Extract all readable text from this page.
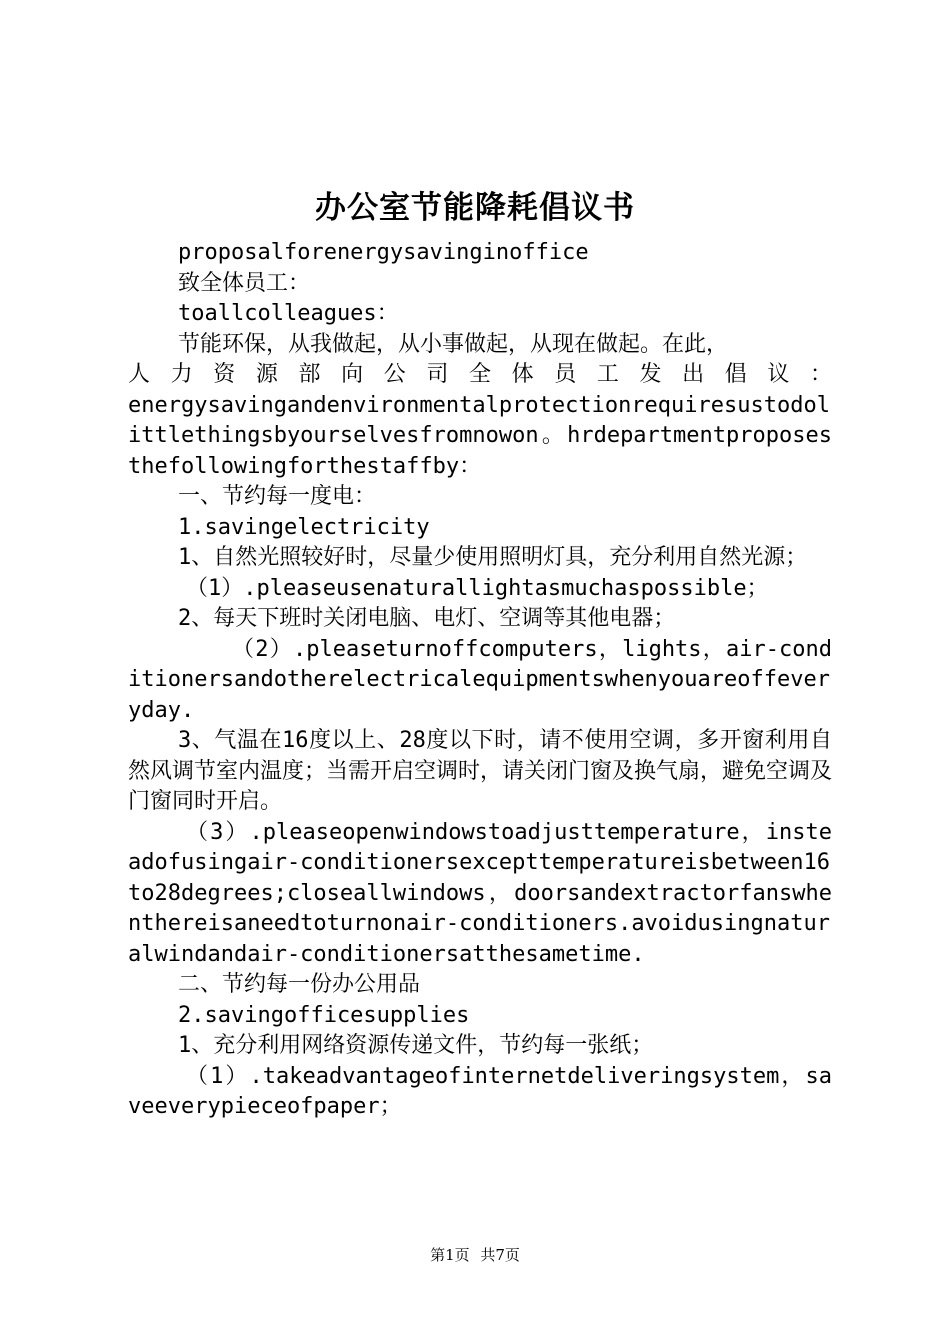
办公室节能降耗倡议书

proposalforenergysavinginoffice

致全体员工：

toallcolleagues：

节能环保，从我做起，从小事做起，从现在做起。在此，

人力资源部向公司全体员工发出倡议：

energysavingandenvironmentalprotectionrequiresustodolittlethingsbyourselvesfromnowon。hrdepartmentproposesthefollowingforthestaffby：

一、节约每一度电：

1.savingelectricity

1、自然光照较好时，尽量少使用照明灯具，充分利用自然光源；

（1）.pleaseusenaturallightasmuchaspossible；

2、每天下班时关闭电脑、电灯、空调等其他电器；

（2）.pleaseturnoffcomputers，lights，air-conditionersandotherelectricalequipmentswhenyouareoffeveryday.

3、气温在16度以上、28度以下时，请不使用空调，多开窗利用自然风调节室内温度；当需开启空调时，请关闭门窗及换气扇，避免空调及门窗同时开启。

（3）.pleaseopenwindowstoadjusttemperature，insteadofusingair-conditionersexcepttemperatureisbetween16to28degrees;closeallwindows，doorsandextractorfanswhenthereisaneedtoturnonair-conditioners.avoidusingnaturalwindandair-conditionersatthesametime.

二、节约每一份办公用品

2.savingofficesupplies

1、充分利用网络资源传递文件，节约每一张纸；

（1）.takeadvantageofinternetdeliveringsystem，saveeverypieceofpaper；

第1页 共7页
